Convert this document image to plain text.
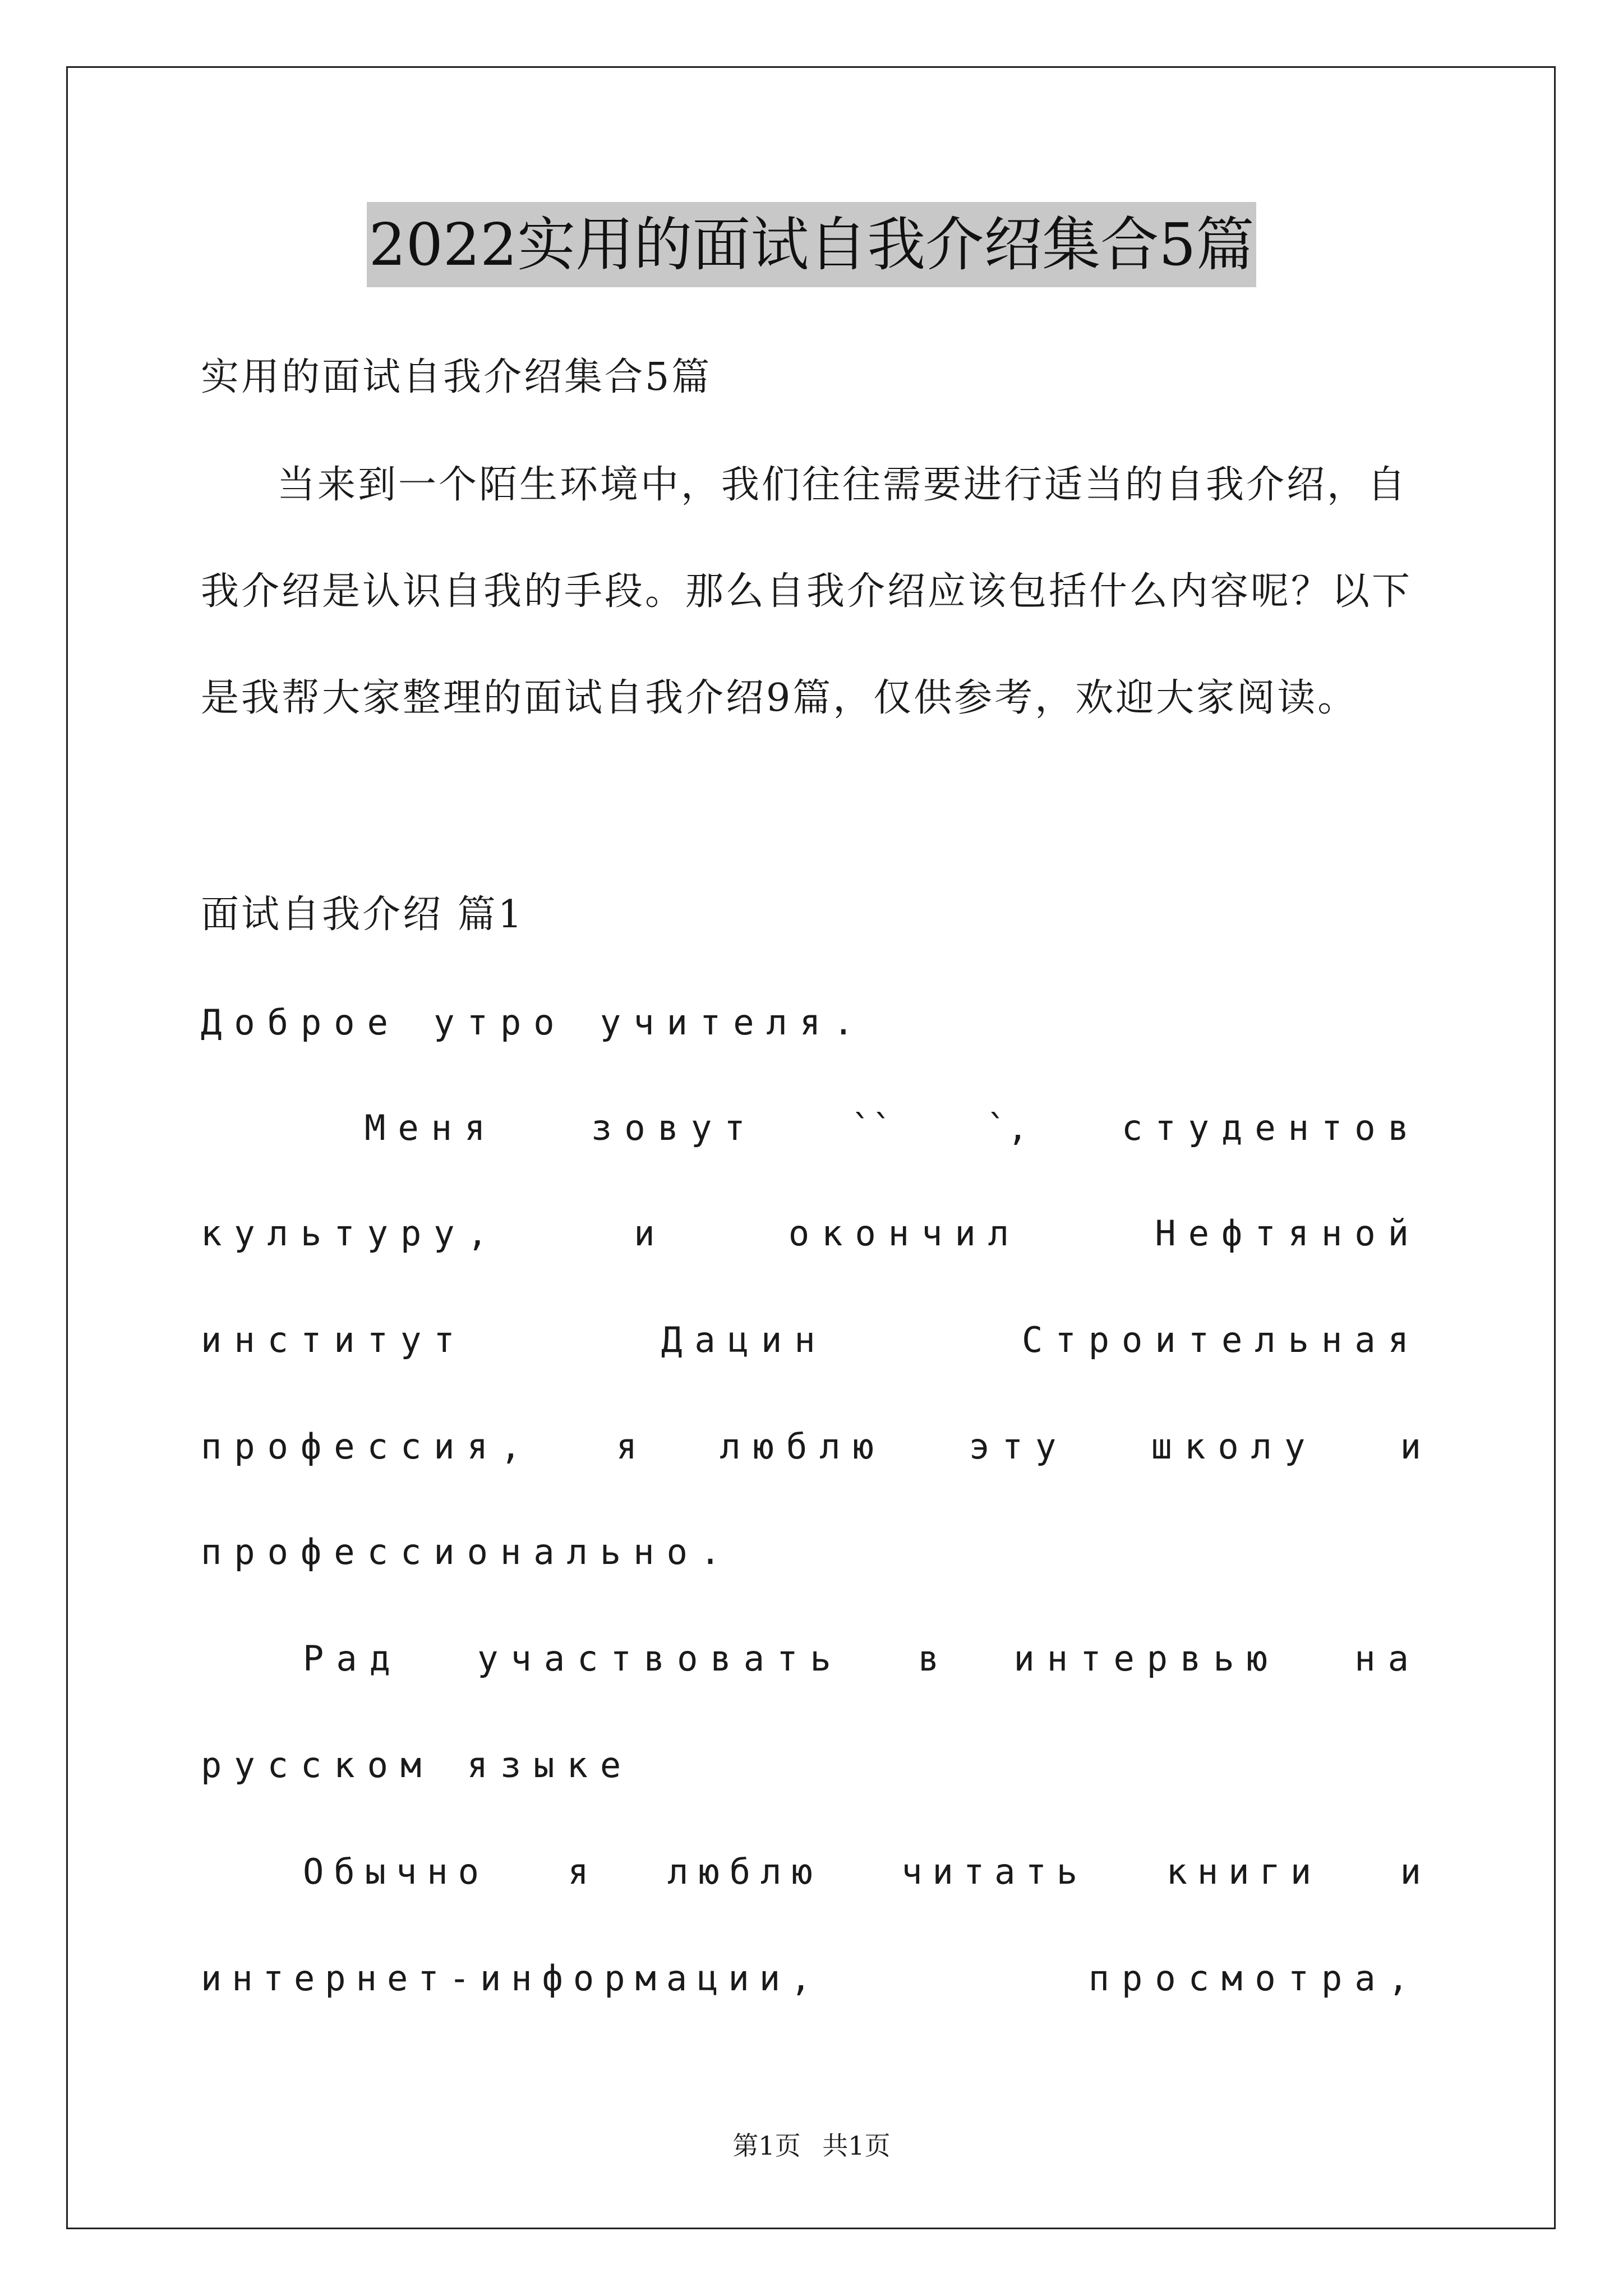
2022实用的面试自我介绍集合5篇
实用的面试自我介绍集合5篇
当来到一个陌生环境中，我们往往需要进行适当的自我介绍，自
我介绍是认识自我的手段。那么自我介绍应该包括什么内容呢？以下
是我帮大家整理的面试自我介绍9篇，仅供参考，欢迎大家阅读。
面试自我介绍 篇1
Доброе утро учителя.
Меня	зовут	``	`,	студентов
культуру,	и	окончил	Нефтяной
институт	Дацин	Строительная
профессия, я люблю эту школу и
профессионально.
Рад участвовать в интервью на
русском языке
Обычно я люблю читать книги и
интернет-информации,	просмотра,
第1页 共1页
